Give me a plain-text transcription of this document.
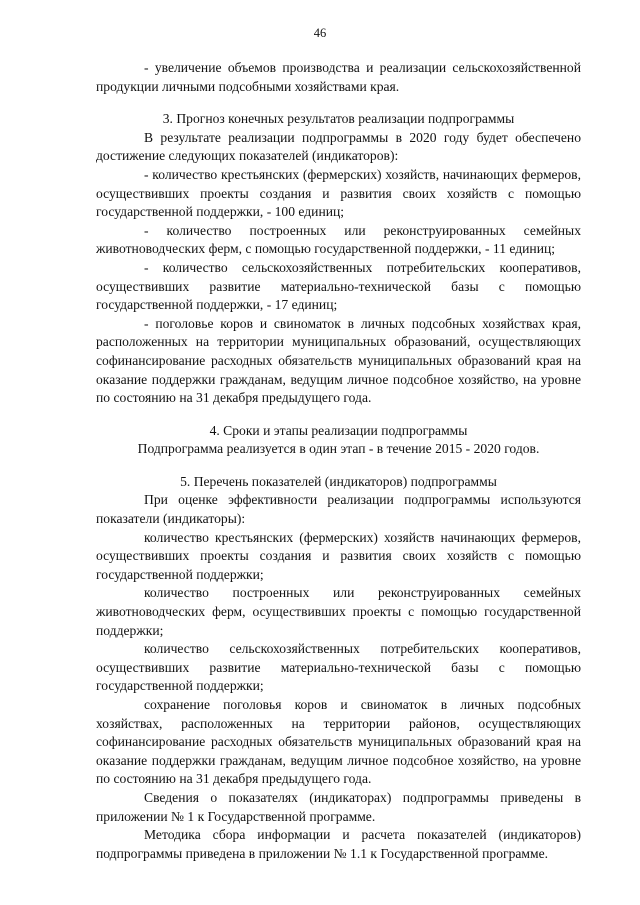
46

- увеличение объемов производства и реализации сельскохозяйственной продукции личными подсобными хозяйствами края.

3. Прогноз конечных результатов реализации подпрограммы

В результате реализации подпрограммы в 2020 году будет обеспечено достижение следующих показателей (индикаторов):

- количество крестьянских (фермерских) хозяйств, начинающих фермеров, осуществивших проекты создания и развития своих хозяйств с помощью государственной поддержки, - 100 единиц;

- количество построенных или реконструированных семейных животноводческих ферм, с помощью государственной поддержки, - 11 единиц;

- количество сельскохозяйственных потребительских кооперативов, осуществивших развитие материально-технической базы с помощью государственной поддержки, - 17 единиц;

- поголовье коров и свиноматок в личных подсобных хозяйствах края, расположенных на территории муниципальных образований, осуществляющих софинансирование расходных обязательств муниципальных образований края на оказание поддержки гражданам, ведущим личное подсобное хозяйство, на уровне по состоянию на 31 декабря предыдущего года.

4. Сроки и этапы реализации подпрограммы

Подпрограмма реализуется в один этап - в течение 2015 - 2020 годов.

5. Перечень показателей (индикаторов) подпрограммы

При оценке эффективности реализации подпрограммы используются показатели (индикаторы):

количество крестьянских (фермерских) хозяйств начинающих фермеров, осуществивших проекты создания и развития своих хозяйств с помощью государственной поддержки;

количество построенных или реконструированных семейных животноводческих ферм, осуществивших проекты с помощью государственной поддержки;

количество сельскохозяйственных потребительских кооперативов, осуществивших развитие материально-технической базы с помощью государственной поддержки;

сохранение поголовья коров и свиноматок в личных подсобных хозяйствах, расположенных на территории районов, осуществляющих софинансирование расходных обязательств муниципальных образований края на оказание поддержки гражданам, ведущим личное подсобное хозяйство, на уровне по состоянию на 31 декабря предыдущего года.

Сведения о показателях (индикаторах) подпрограммы приведены в приложении № 1 к Государственной программе.

Методика сбора информации и расчета показателей (индикаторов) подпрограммы приведена в приложении № 1.1 к Государственной программе.
